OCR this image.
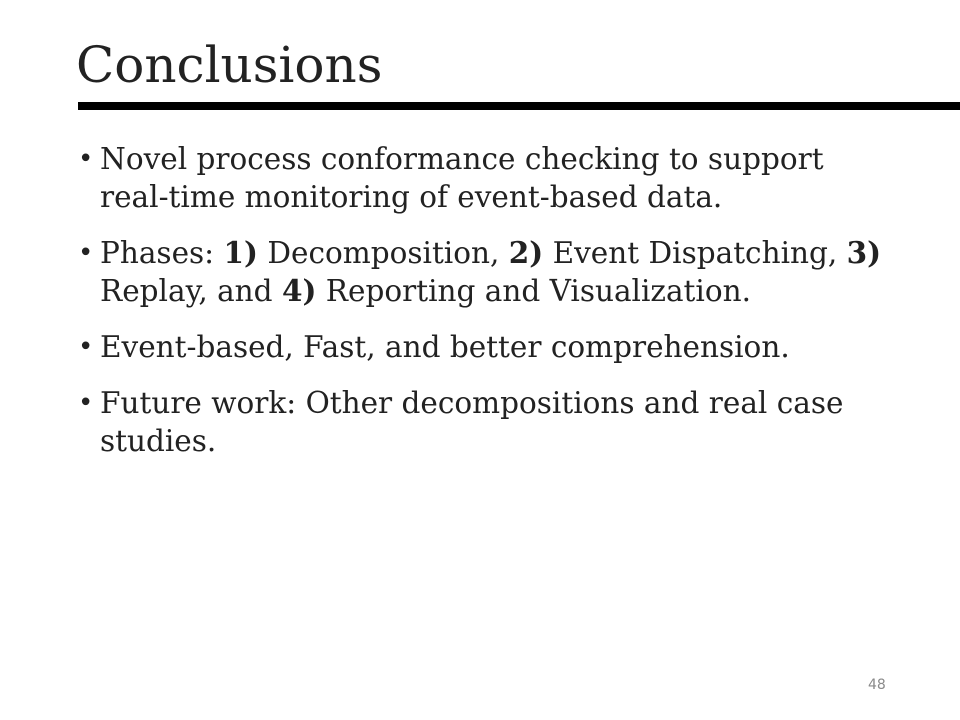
Conclusions
• Novel process conformance checking to support real-time monitoring of event-based data.
• Phases: 1) Decomposition, 2) Event Dispatching, 3) Replay, and 4) Reporting and Visualization.
• Event-based, Fast, and better comprehension.
• Future work: Other decompositions and real case studies.
48
